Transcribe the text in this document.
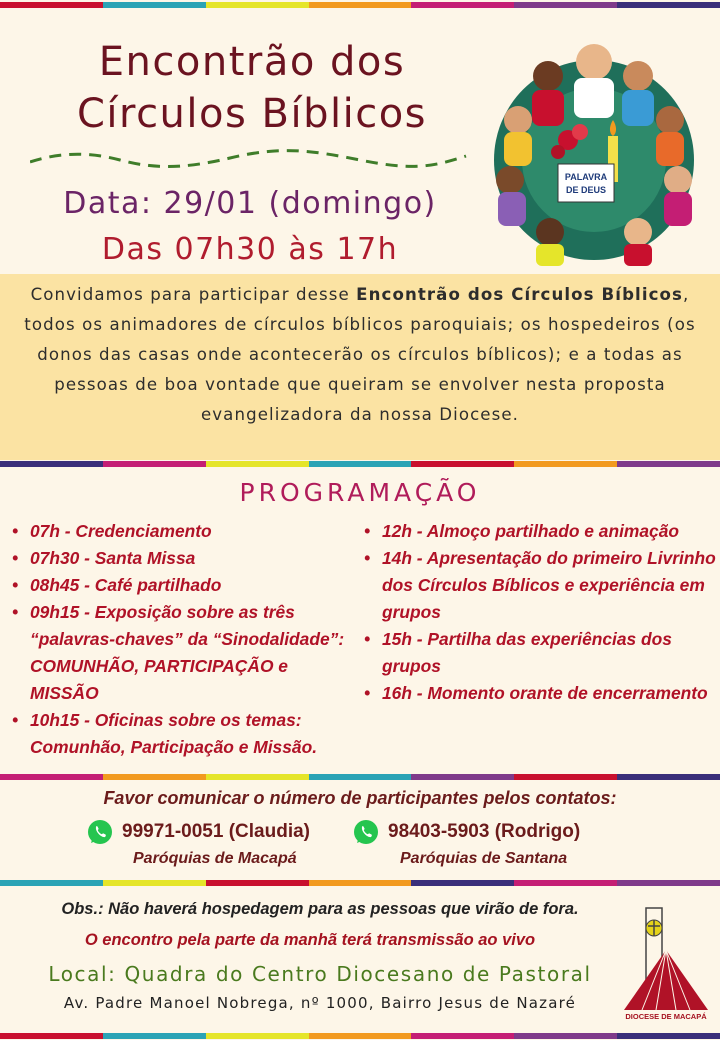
Encontrão dos
Círculos Bíblicos
Data: 29/01 (domingo)
Das 07h30 às 17h
PALAVRA
DE DEUS
Convidamos para participar desse Encontrão dos Círculos Bíblicos, todos os animadores de círculos bíblicos paroquiais; os hospedeiros (os donos das casas onde acontecerão os círculos bíblicos); e a todas as pessoas de boa vontade que queiram se envolver nesta proposta evangelizadora da nossa Diocese.
PROGRAMAÇÃO
• 07h - Credenciamento
• 07h30 - Santa Missa
• 08h45 - Café partilhado
• 09h15 - Exposição sobre as três “palavras-chaves” da “Sinodalidade”: COMUNHÃO, PARTICIPAÇÃO e MISSÃO
• 10h15 - Oficinas sobre os temas: Comunhão, Participação e Missão.
• 12h - Almoço partilhado e animação
• 14h - Apresentação do primeiro Livrinho dos Círculos Bíblicos e experiência em grupos
• 15h - Partilha das experiências dos grupos
• 16h - Momento orante de encerramento
Favor comunicar o número de participantes pelos contatos:
99971-0051 (Claudia)
Paróquias de Macapá
98403-5903 (Rodrigo)
Paróquias de Santana
Obs.: Não haverá hospedagem para as pessoas que virão de fora.
O encontro pela parte da manhã terá transmissão ao vivo
Local: Quadra do Centro Diocesano de Pastoral
Av. Padre Manoel Nobrega, nº 1000, Bairro Jesus de Nazaré
DIOCESE DE MACAPÁ
